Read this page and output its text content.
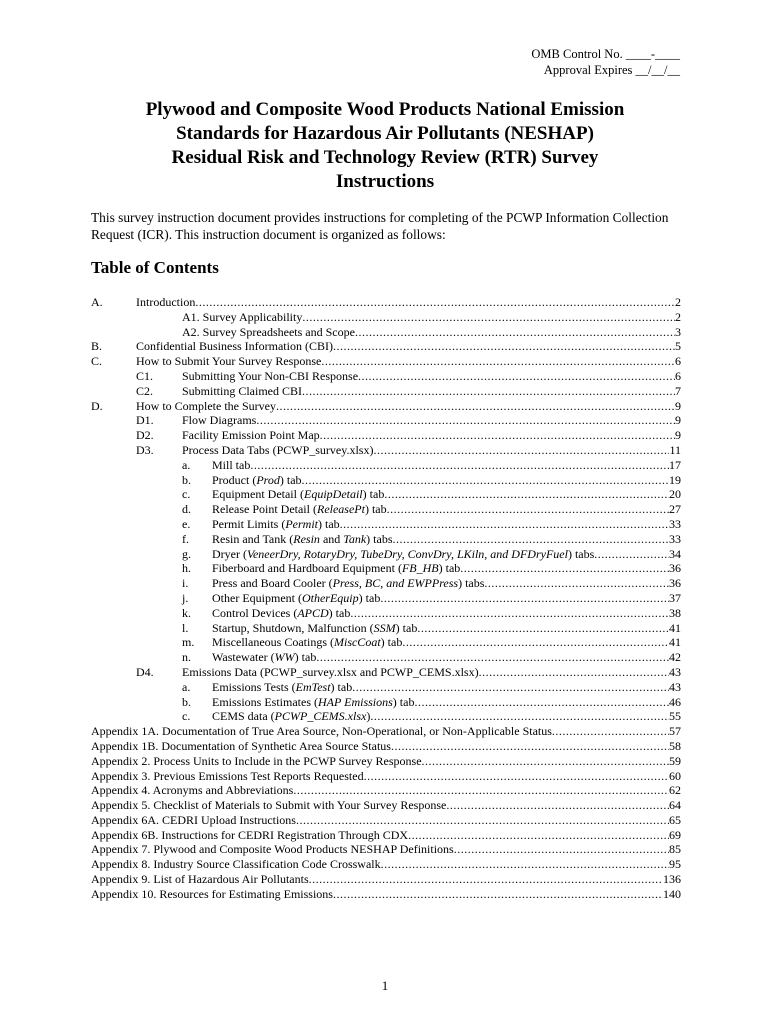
OMB Control No. ____-____
Approval Expires __/__/__
Plywood and Composite Wood Products National Emission
Standards for Hazardous Air Pollutants (NESHAP)
Residual Risk and Technology Review (RTR) Survey
Instructions
This survey instruction document provides instructions for completing of the PCWP Information Collection Request (ICR). This instruction document is organized as follows:
Table of Contents
A.	Introduction .....	2
A1. Survey Applicability .....	2
A2. Survey Spreadsheets and Scope .....	3
B.	Confidential Business Information (CBI) .....	5
C.	How to Submit Your Survey Response .....	6
C1.	Submitting Your Non-CBI Response .....	6
C2.	Submitting Claimed CBI .....	7
D.	How to Complete the Survey .....	9
D1.	Flow Diagrams .....	9
D2.	Facility Emission Point Map .....	9
D3.	Process Data Tabs (PCWP_survey.xlsx) .....	11
a.	Mill tab .....	17
b.	Product (Prod) tab .....	19
c.	Equipment Detail (EquipDetail) tab .....	20
d.	Release Point Detail (ReleasePt) tab .....	27
e.	Permit Limits (Permit) tab .....	33
f.	Resin and Tank (Resin and Tank) tabs .....	33
g.	Dryer (VeneerDry, RotaryDry, TubeDry, ConvDry, LKiln, and DFDryFuel) tabs .....	34
h.	Fiberboard and Hardboard Equipment (FB_HB) tab .....	36
i.	Press and Board Cooler (Press, BC, and EWPPress) tabs .....	36
j.	Other Equipment (OtherEquip) tab .....	37
k.	Control Devices (APCD) tab .....	38
l.	Startup, Shutdown, Malfunction (SSM) tab .....	41
m.	Miscellaneous Coatings (MiscCoat) tab .....	41
n.	Wastewater (WW) tab .....	42
D4.	Emissions Data (PCWP_survey.xlsx and PCWP_CEMS.xlsx) .....	43
a.	Emissions Tests (EmTest) tab .....	43
b.	Emissions Estimates (HAP Emissions) tab .....	46
c.	CEMS data (PCWP_CEMS.xlsx) .....	55
Appendix 1A. Documentation of True Area Source, Non-Operational, or Non-Applicable Status .....	57
Appendix 1B. Documentation of Synthetic Area Source Status .....	58
Appendix 2. Process Units to Include in the PCWP Survey Response .....	59
Appendix 3. Previous Emissions Test Reports Requested .....	60
Appendix 4. Acronyms and Abbreviations .....	62
Appendix 5. Checklist of Materials to Submit with Your Survey Response .....	64
Appendix 6A. CEDRI Upload Instructions .....	65
Appendix 6B. Instructions for CEDRI Registration Through CDX .....	69
Appendix 7. Plywood and Composite Wood Products NESHAP Definitions .....	85
Appendix 8. Industry Source Classification Code Crosswalk .....	95
Appendix 9. List of Hazardous Air Pollutants .....	136
Appendix 10. Resources for Estimating Emissions .....	140
1
